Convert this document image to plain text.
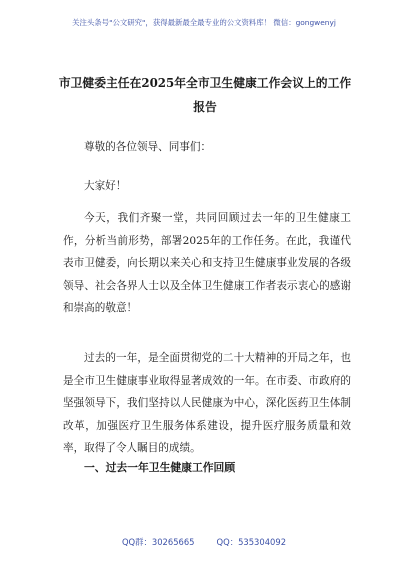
关注头条号"公文研究"，获得最新最全最专业的公文资料库！ 微信：gongwenyj
市卫健委主任在2025年全市卫生健康工作会议上的工作报告

尊敬的各位领导、同事们：

大家好！

今天，我们齐聚一堂，共同回顾过去一年的卫生健康工作，分析当前形势，部署2025年的工作任务。在此，我谨代表市卫健委，向长期以来关心和支持卫生健康事业发展的各级领导、社会各界人士以及全体卫生健康工作者表示衷心的感谢和崇高的敬意！

过去的一年，是全面贯彻党的二十大精神的开局之年，也是全市卫生健康事业取得显著成效的一年。在市委、市政府的坚强领导下，我们坚持以人民健康为中心，深化医药卫生体制改革，加强医疗卫生服务体系建设，提升医疗服务质量和效率，取得了令人瞩目的成绩。

一、过去一年卫生健康工作回顾
QQ群：30265665	QQ：535304092
